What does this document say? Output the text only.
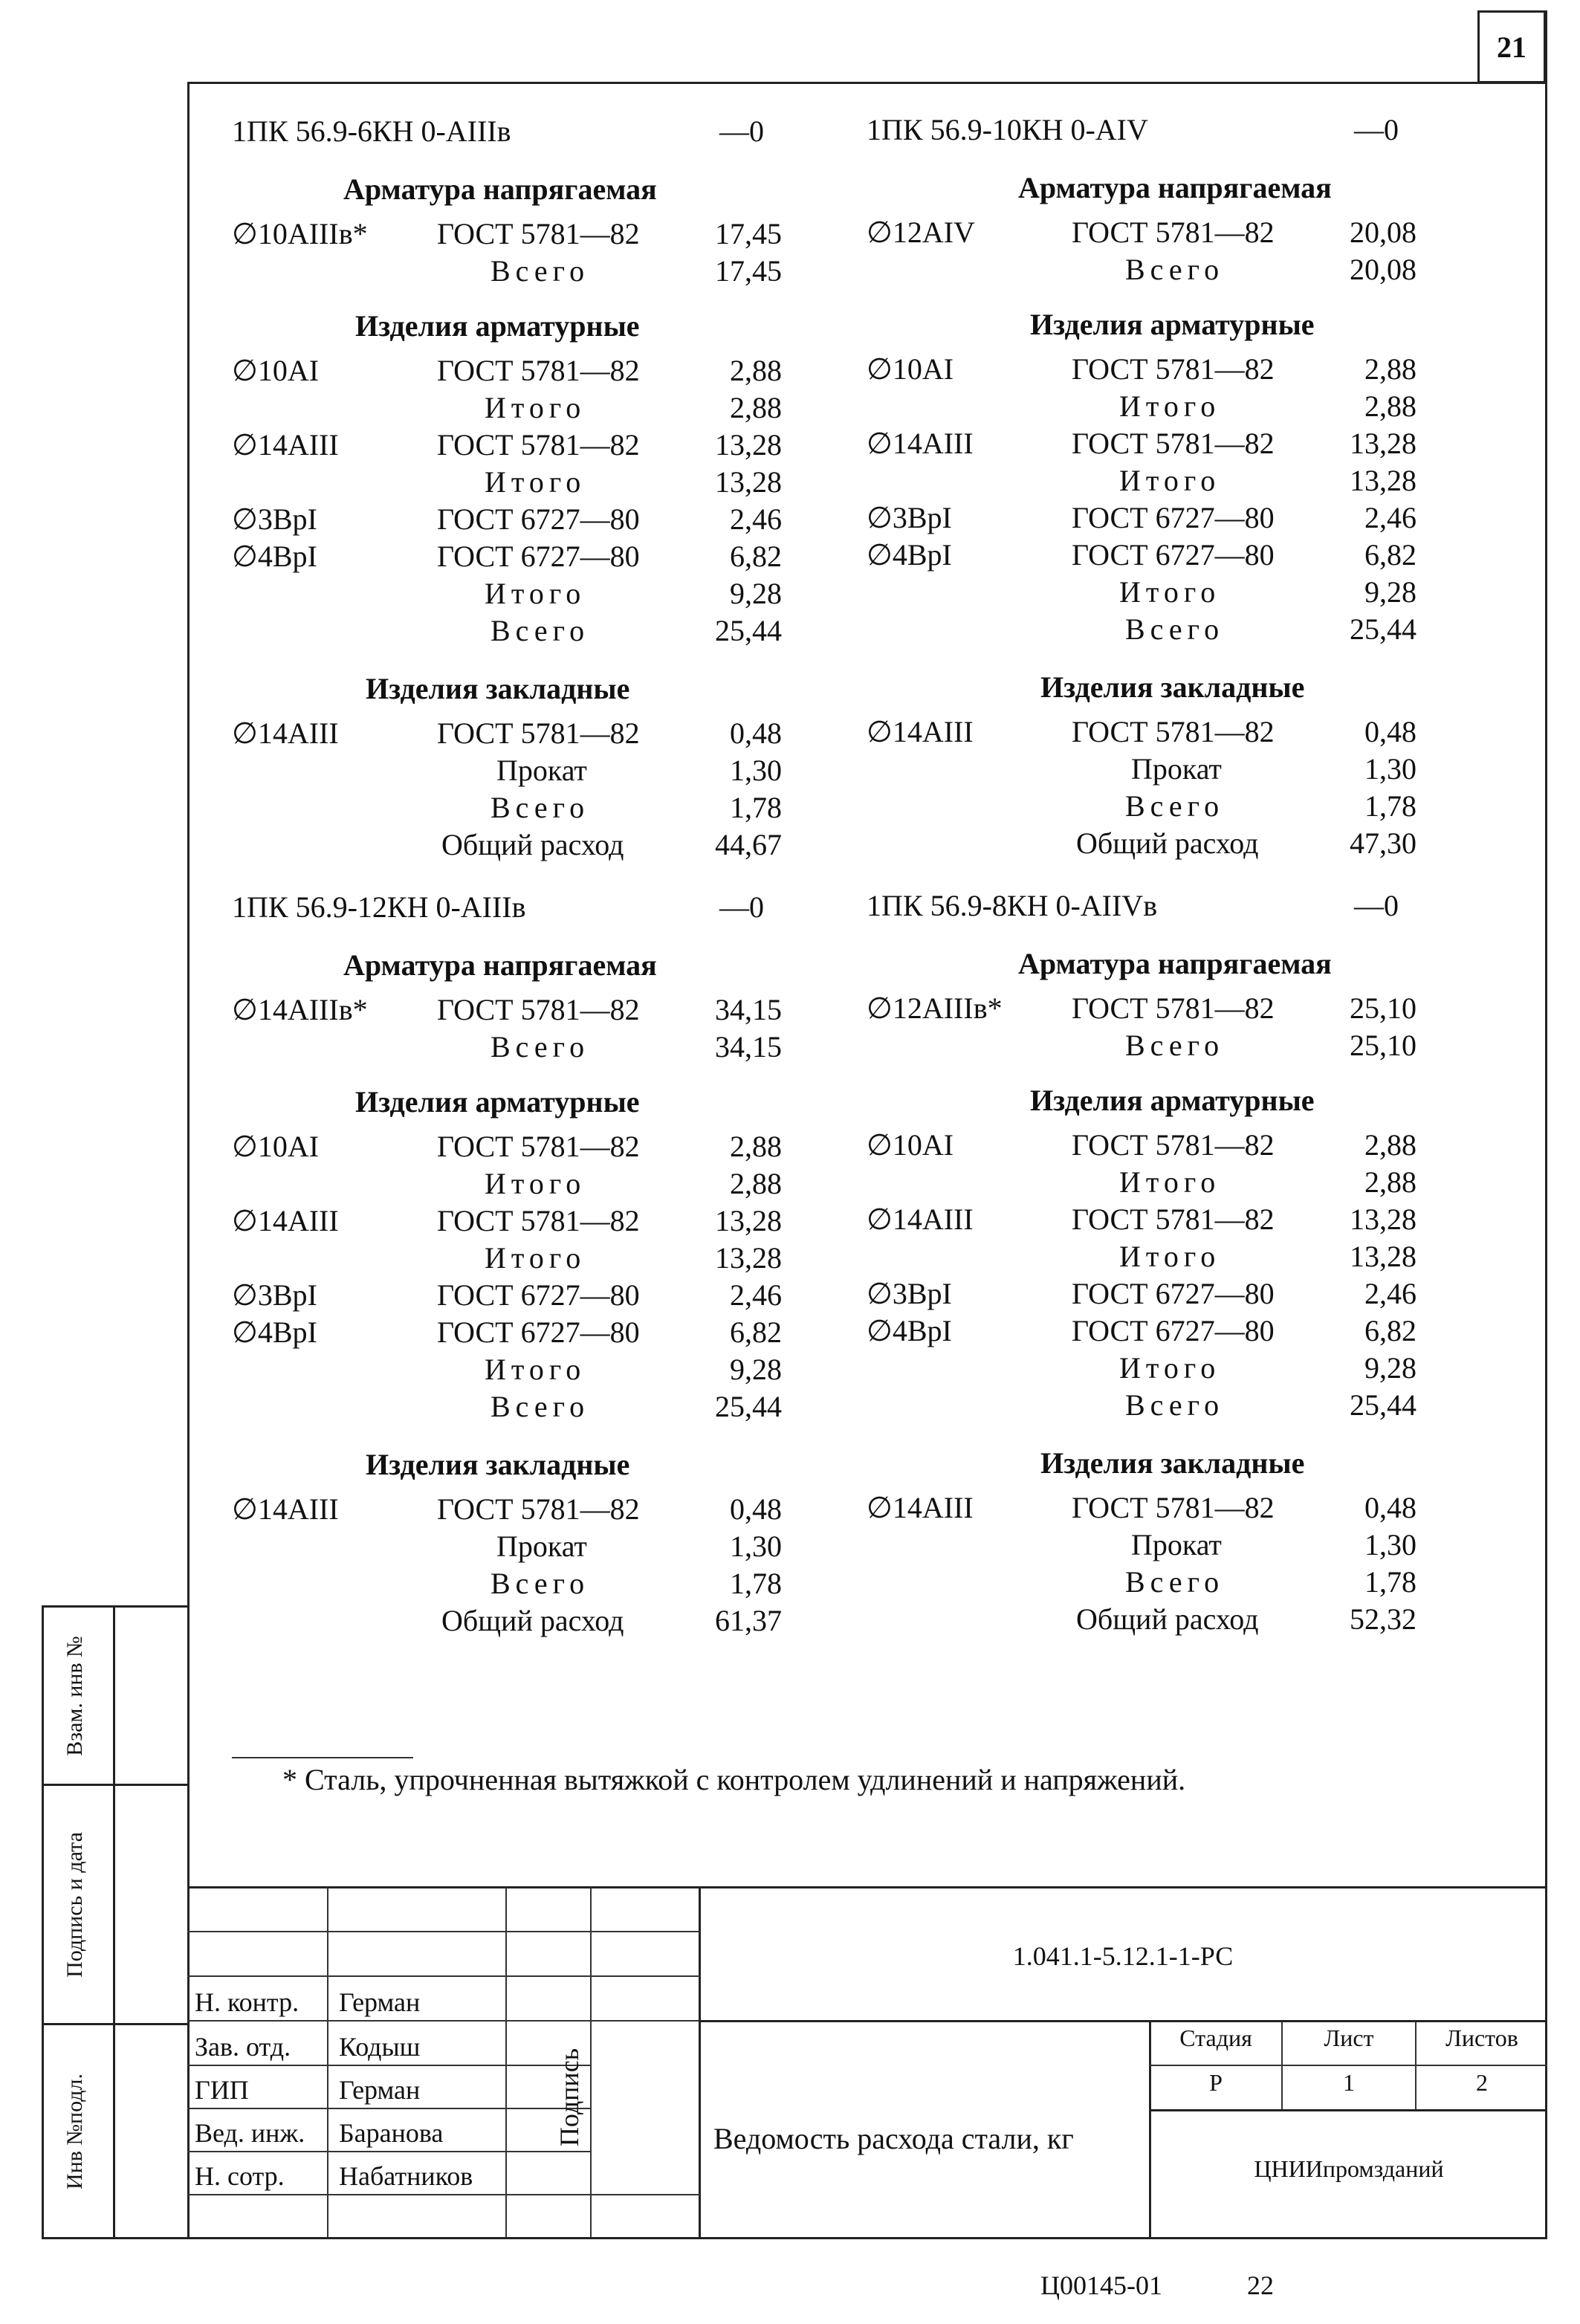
21
Взам. инв №
Подпись и дата
Инв №подл.
1ПК 56.9-6КН 0-АIIIв	—0
Арматура напрягаемая
∅10АIIIв* ГОСТ 5781—82	17,45
Всего	17,45
Изделия арматурные
∅10АI	ГОСТ 5781—82	2,88
Итого	2,88
∅14АIII	ГОСТ 5781—82	13,28
Итого	13,28
∅3ВрI	ГОСТ 6727—80	2,46
∅4ВрI	ГОСТ 6727—80	6,82
Итого	9,28
Всего	25,44
Изделия закладные
∅14АIII	ГОСТ 5781—82	0,48
Прокат	1,30
Всего	1,78
Общий расход	44,67
1ПК 56.9-10КН 0-АIV	—0
Арматура напрягаемая
∅12АIV	ГОСТ 5781—82	20,08
Всего	20,08
Изделия арматурные
∅10АI	ГОСТ 5781—82	2,88
Итого	2,88
∅14АIII	ГОСТ 5781—82	13,28
Итого	13,28
∅3ВрI	ГОСТ 6727—80	2,46
∅4ВрI	ГОСТ 6727—80	6,82
Итого	9,28
Всего	25,44
Изделия закладные
∅14АIII	ГОСТ 5781—82	0,48
Прокат	1,30
Всего	1,78
Общий расход	47,30
1ПК 56.9-12КН 0-АIIIв	—0
Арматура напрягаемая
∅14АIIIв* ГОСТ 5781—82	34,15
Всего	34,15
Изделия арматурные
∅10АI	ГОСТ 5781—82	2,88
Итого	2,88
∅14АIII	ГОСТ 5781—82	13,28
Итого	13,28
∅3ВрI	ГОСТ 6727—80	2,46
∅4ВрI	ГОСТ 6727—80	6,82
Итого	9,28
Всего	25,44
Изделия закладные
∅14АIII	ГОСТ 5781—82	0,48
Прокат	1,30
Всего	1,78
Общий расход	61,37
1ПК 56.9-8КН 0-АIIVв	—0
Арматура напрягаемая
∅12АIIIв* ГОСТ 5781—82	25,10
Всего	25,10
Изделия арматурные
∅10АI	ГОСТ 5781—82	2,88
Итого	2,88
∅14АIII	ГОСТ 5781—82	13,28
Итого	13,28
∅3ВрI	ГОСТ 6727—80	2,46
∅4ВрI	ГОСТ 6727—80	6,82
Итого	9,28
Всего	25,44
Изделия закладные
∅14АIII	ГОСТ 5781—82	0,48
Прокат	1,30
Всего	1,78
Общий расход	52,32
* Сталь, упрочненная вытяжкой с контролем удлинений и напряжений.
1.041.1-5.12.1-1-РС
Н. контр. Герман
Зав. отд. Кодыш
ГИП	Герман
Вед. инж. Баранова
Н. сотр. Набатников
Подпись	Ведомость расхода стали, кг
Стадия	Лист	Листов
Р	1	2
ЦНИИпромзданий
Ц00145-01	22
